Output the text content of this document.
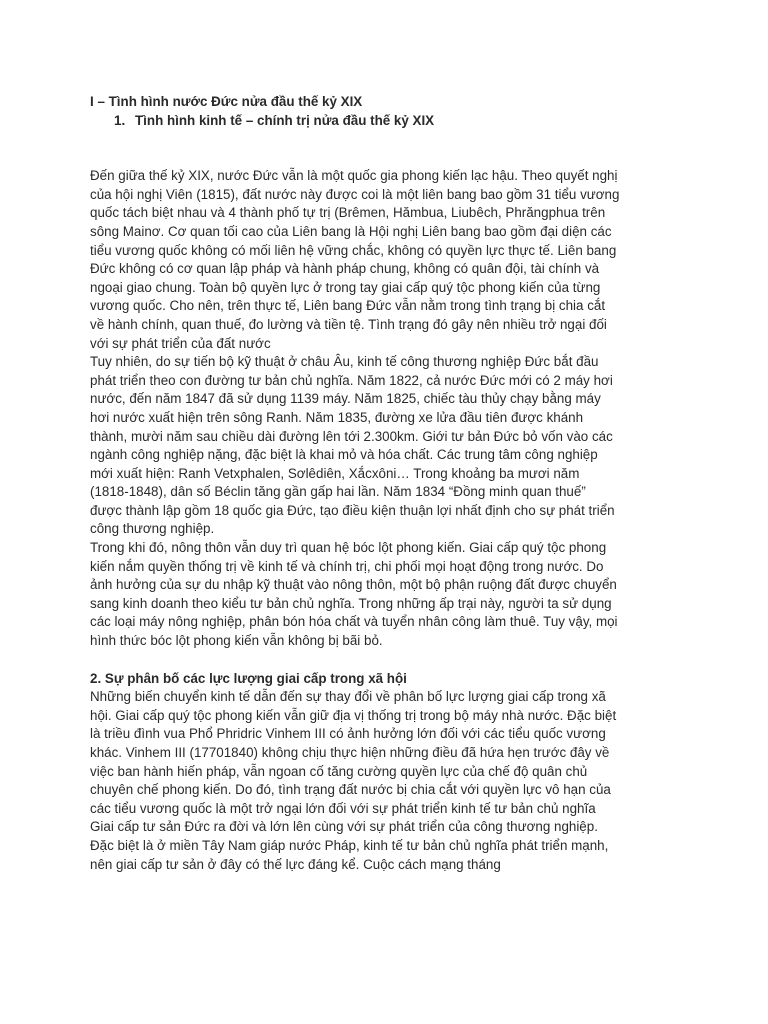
I – Tình hình nước Đức nửa đầu thế kỷ XIX
1. Tình hình kinh tế – chính trị nửa đầu thế kỷ XIX

Đến giữa thế kỷ XIX, nước Đức vẫn là một quốc gia phong kiến lạc hậu. Theo quyết nghị của hội nghị Viên (1815), đất nước này được coi là một liên bang bao gồm 31 tiểu vương quốc tách biệt nhau và 4 thành phố tự trị (Brêmen, Hămbua, Liubêch, Phrăngphua trên sông Mainơ. Cơ quan tối cao của Liên bang là Hội nghị Liên bang bao gồm đại diện các tiểu vương quốc không có mối liên hệ vững chắc, không có quyền lực thực tế. Liên bang Đức không có cơ quan lập pháp và hành pháp chung, không có quân đội, tài chính và ngoại giao chung. Toàn bộ quyền lực ở trong tay giai cấp quý tộc phong kiến của từng vương quốc. Cho nên, trên thực tế, Liên bang Đức vẫn nằm trong tình trạng bị chia cắt về hành chính, quan thuế, đo lường và tiền tệ. Tình trạng đó gây nên nhiều trở ngại đối với sự phát triển của đất nước

Tuy nhiên, do sự tiến bộ kỹ thuật ở châu Âu, kinh tế công thương nghiệp Đức bắt đầu phát triển theo con đường tư bản chủ nghĩa. Năm 1822, cả nước Đức mới có 2 máy hơi nước, đến năm 1847 đã sử dụng 1139 máy. Năm 1825, chiếc tàu thủy chạy bằng máy hơi nước xuất hiện trên sông Ranh. Năm 1835, đường xe lửa đầu tiên được khánh thành, mười năm sau chiều dài đường lên tới 2.300km. Giới tư bản Đức bỏ vốn vào các ngành công nghiệp nặng, đặc biệt là khai mỏ và hóa chất. Các trung tâm công nghiệp mới xuất hiện: Ranh Vetxphalen, Sơlêdiên, Xắcxôni… Trong khoảng ba mươi năm (1818-1848), dân số Béclin tăng gần gấp hai lần. Năm 1834 “Đồng minh quan thuế” được thành lập gồm 18 quốc gia Đức, tạo điều kiện thuận lợi nhất định cho sự phát triển công thương nghiệp.

Trong khi đó, nông thôn vẫn duy trì quan hệ bóc lột phong kiến. Giai cấp quý tộc phong kiến nắm quyền thống trị về kinh tế và chính trị, chi phối mọi hoạt động trong nước. Do ảnh hưởng của sự du nhập kỹ thuật vào nông thôn, một bộ phận ruộng đất được chuyển sang kinh doanh theo kiểu tư bản chủ nghĩa. Trong những ấp trại này, người ta sử dụng các loại máy nông nghiệp, phân bón hóa chất và tuyển nhân công làm thuê. Tuy vậy, mọi hình thức bóc lột phong kiến vẫn không bị bãi bỏ.

2. Sự phân bố các lực lượng giai cấp trong xã hội

Những biến chuyển kinh tế dẫn đến sự thay đổi về phân bố lực lượng giai cấp trong xã hội. Giai cấp quý tộc phong kiến vẫn giữ địa vị thống trị trong bộ máy nhà nước. Đặc biệt là triều đình vua Phổ Phridric Vinhem III có ảnh hưởng lớn đối với các tiểu quốc vương khác. Vinhem III (17701840) không chịu thực hiện những điều đã hứa hẹn trước đây về việc ban hành hiến pháp, vẫn ngoan cố tăng cường quyền lực của chế độ quân chủ chuyên chế phong kiến. Do đó, tình trạng đất nước bị chia cắt với quyền lực vô hạn của các tiểu vương quốc là một trở ngại lớn đối với sự phát triển kinh tế tư bản chủ nghĩa

Giai cấp tư sản Đức ra đời và lớn lên cùng với sự phát triển của công thương nghiệp. Đặc biệt là ở miền Tây Nam giáp nước Pháp, kinh tế tư bản chủ nghĩa phát triển mạnh, nên giai cấp tư sản ở đây có thế lực đáng kể. Cuộc cách mạng tháng
